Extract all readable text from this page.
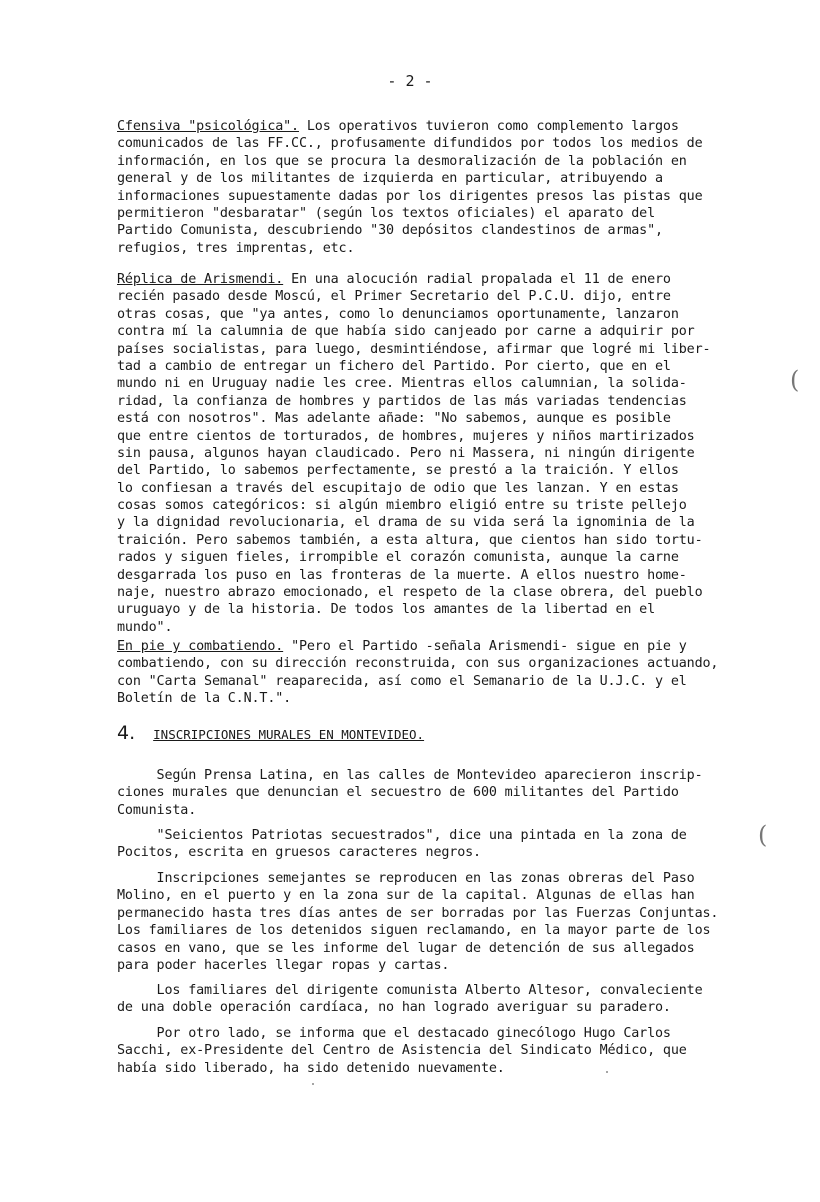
- 2 -
Cfensiva "psicológica". Los operativos tuvieron como complemento largos
comunicados de las FF.CC., profusamente difundidos por todos los medios de
información, en los que se procura la desmoralización de la población en
general y de los militantes de izquierda en particular, atribuyendo a
informaciones supuestamente dadas por los dirigentes presos las pistas que
permitieron "desbaratar" (según los textos oficiales) el aparato del
Partido Comunista, descubriendo "30 depósitos clandestinos de armas",
refugios, tres imprentas, etc.
Réplica de Arismendi. En una alocución radial propalada el 11 de enero
recién pasado desde Moscú, el Primer Secretario del P.C.U. dijo, entre
otras cosas, que "ya antes, como lo denunciamos oportunamente, lanzaron
contra mí la calumnia de que había sido canjeado por carne a adquirir por
países socialistas, para luego, desmintiéndose, afirmar que logré mi liber-
tad a cambio de entregar un fichero del Partido. Por cierto, que en el
mundo ni en Uruguay nadie les cree. Mientras ellos calumnian, la solida-
ridad, la confianza de hombres y partidos de las más variadas tendencias
está con nosotros". Mas adelante añade: "No sabemos, aunque es posible
que entre cientos de torturados, de hombres, mujeres y niños martirizados
sin pausa, algunos hayan claudicado. Pero ni Massera, ni ningún dirigente
del Partido, lo sabemos perfectamente, se prestó a la traición. Y ellos
lo confiesan a través del escupitajo de odio que les lanzan. Y en estas
cosas somos categóricos: si algún miembro eligió entre su triste pellejo
y la dignidad revolucionaria, el drama de su vida será la ignominia de la
traición. Pero sabemos también, a esta altura, que cientos han sido tortu-
rados y siguen fieles, irrompible el corazón comunista, aunque la carne
desgarrada los puso en las fronteras de la muerte. A ellos nuestro home-
naje, nuestro abrazo emocionado, el respeto de la clase obrera, del pueblo
uruguayo y de la historia. De todos los amantes de la libertad en el
mundo".
En pie y combatiendo. "Pero el Partido -señala Arismendi- sigue en pie y
combatiendo, con su dirección reconstruida, con sus organizaciones actuando,
con "Carta Semanal" reaparecida, así como el Semanario de la U.J.C. y el
Boletín de la C.N.T.".
4. INSCRIPCIONES MURALES EN MONTEVIDEO.
Según Prensa Latina, en las calles de Montevideo aparecieron inscrip-
ciones murales que denuncian el secuestro de 600 militantes del Partido
Comunista.
"Seicientos Patriotas secuestrados", dice una pintada en la zona de
Pocitos, escrita en gruesos caracteres negros.
Inscripciones semejantes se reproducen en las zonas obreras del Paso
Molino, en el puerto y en la zona sur de la capital. Algunas de ellas han
permanecido hasta tres días antes de ser borradas por las Fuerzas Conjuntas.
Los familiares de los detenidos siguen reclamando, en la mayor parte de los
casos en vano, que se les informe del lugar de detención de sus allegados
para poder hacerles llegar ropas y cartas.
Los familiares del dirigente comunista Alberto Altesor, convaleciente
de una doble operación cardíaca, no han logrado averiguar su paradero.
Por otro lado, se informa que el destacado ginecólogo Hugo Carlos
Sacchi, ex-Presidente del Centro de Asistencia del Sindicato Médico, que
había sido liberado, ha sido detenido nuevamente.
(
(
